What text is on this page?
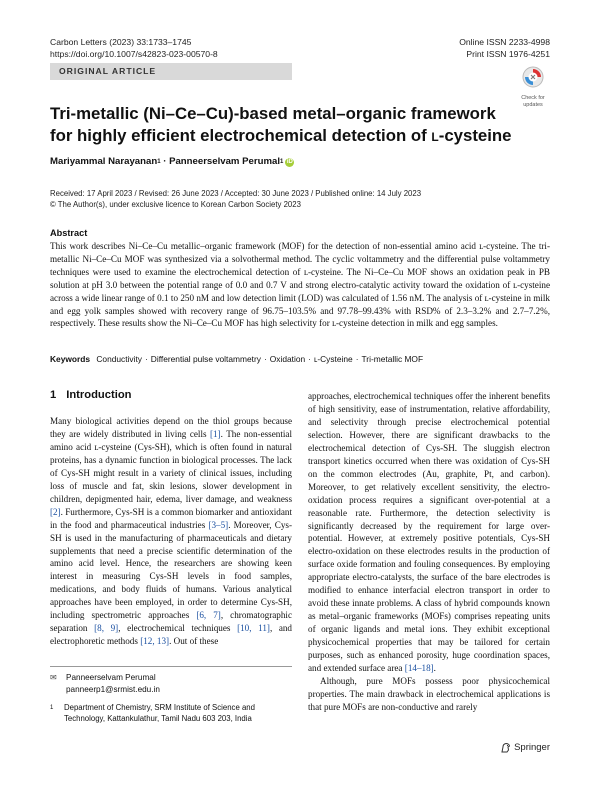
Carbon Letters (2023) 33:1733–1745
https://doi.org/10.1007/s42823-023-00570-8
Online ISSN 2233-4998
Print ISSN 1976-4251
ORIGINAL ARTICLE
Check for
updates
Tri-metallic (Ni–Ce–Cu)-based metal–organic framework for highly efficient electrochemical detection of l-cysteine
Mariyammal Narayanan 1 · Panneerselvam Perumal 1 iD
Received: 17 April 2023 / Revised: 26 June 2023 / Accepted: 30 June 2023 / Published online: 14 July 2023
© The Author(s), under exclusive licence to Korean Carbon Society 2023
Abstract

This work describes Ni–Ce–Cu metallic–organic framework (MOF) for the detection of non-essential amino acid ʟ-cysteine. The tri-metallic Ni–Ce–Cu MOF was synthesized via a solvothermal method. The cyclic voltammetry and the differential pulse voltammetry techniques were used to examine the electrochemical detection of ʟ-cysteine. The Ni–Ce–Cu MOF shows an oxidation peak in PB solution at pH 3.0 between the potential range of 0.0 and 0.7 V and strong electro-catalytic activity toward the oxidation of ʟ-cysteine across a wide linear range of 0.1 to 250 nM and low detection limit (LOD) was calculated of 1.56 nM. The analysis of ʟ-cysteine in milk and egg yolk samples showed with recovery range of 96.75–103.5% and 97.78–99.43% with RSD% of 2.3–3.2% and 2.7–7.2%, respectively. These results show the Ni–Ce–Cu MOF has high selectivity for ʟ-cysteine detection in milk and egg samples.

Keywords Conductivity · Differential pulse voltammetry · Oxidation · ʟ-Cysteine · Tri-metallic MOF
1 Introduction

Many biological activities depend on the thiol groups because they are widely distributed in living cells [1]. The non-essential amino acid ʟ-cysteine (Cys-SH), which is often found in natural proteins, has a dynamic function in biological processes. The lack of Cys-SH might result in a variety of clinical issues, including loss of muscle and fat, skin lesions, slower development in children, depigmented hair, edema, liver damage, and weakness [2]. Furthermore, Cys-SH is a common biomarker and antioxidant in the food and pharmaceutical industries [3–5]. Moreover, Cys-SH is used in the manufacturing of pharmaceuticals and dietary supplements that need a precise scientific determination of the amino acid level. Hence, the researchers are showing keen interest in measuring Cys-SH levels in food samples, medications, and body fluids of humans. Various analytical approaches have been employed, in order to determine Cys-SH, including spectrometric approaches [6, 7], chromatographic separation [8, 9], electrochemical techniques [10, 11], and electrophoretic methods [12, 13]. Out of these

approaches, electrochemical techniques offer the inherent benefits of high sensitivity, ease of instrumentation, relative affordability, and selectivity through precise electrochemical potential selection. However, there are significant drawbacks to the electrochemical detection of Cys-SH. The sluggish electron transport kinetics occurred when there was oxidation of Cys-SH on the common electrodes (Au, graphite, Pt, and carbon). Moreover, to get relatively excellent sensitivity, the electro-oxidation process requires a significant over-potential at a reasonable rate. Furthermore, the detection selectivity is significantly decreased by the requirement for large over-potential. However, at extremely positive potentials, Cys-SH electro-oxidation on these electrodes results in the production of surface oxide formation and fouling consequences. By employing appropriate electro-catalysts, the surface of the bare electrodes is modified to enhance interfacial electron transport in order to avoid these innate problems. A class of hybrid compounds known as metal–organic frameworks (MOFs) comprises repeating units of organic ligands and metal ions. They exhibit exceptional physicochemical properties that may be tailored for certain purposes, such as enhanced porosity, huge coordination spaces, and extended surface area [14–18].

Although, pure MOFs possess poor physicochemical properties. The main drawback in electrochemical applications is that pure MOFs are non-conductive and rarely

✉ Panneerselvam Perumal
panneerp1@srmist.edu.in
1	Department of Chemistry, SRM Institute of Science and Technology, Kattankulathur, Tamil Nadu 603 203, India
Springer
